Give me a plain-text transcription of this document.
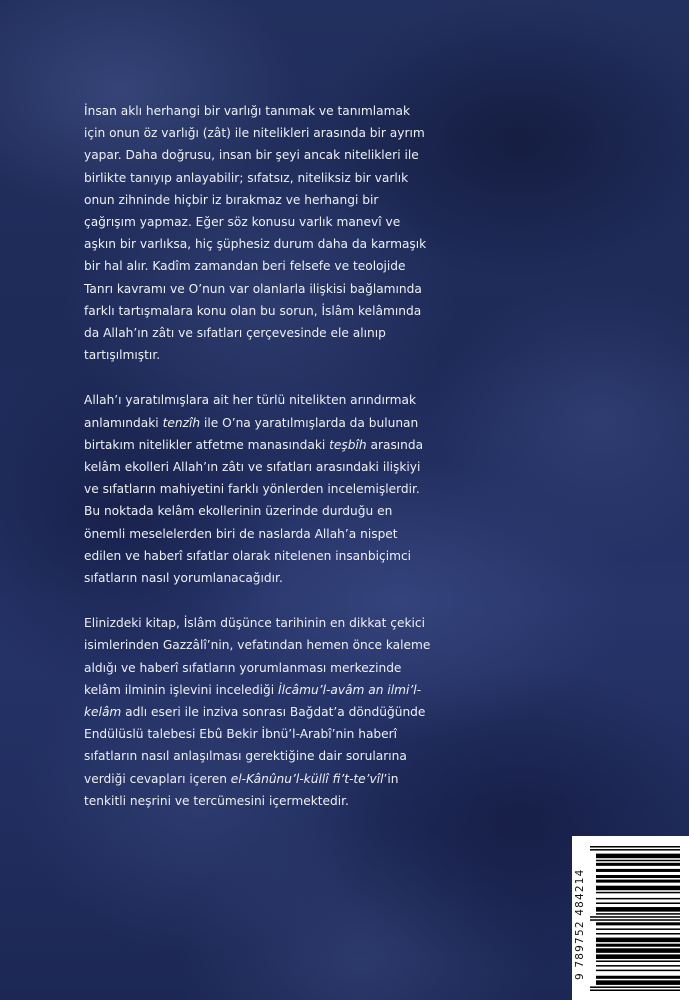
İnsan aklı herhangi bir varlığı tanımak ve tanımlamak için onun öz varlığı (zât) ile nitelikleri arasında bir ayrım yapar. Daha doğrusu, insan bir şeyi ancak nitelikleri ile birlikte tanıyıp anlayabilir; sıfatsız, niteliksiz bir varlık onun zihninde hiçbir iz bırakmaz ve herhangi bir çağrışım yapmaz. Eğer söz konusu varlık manevî ve aşkın bir varlıksa, hiç şüphesiz durum daha da karmaşık bir hal alır. Kadîm zamandan beri felsefe ve teolojide Tanrı kavramı ve O’nun var olanlarla ilişkisi bağlamında farklı tartışmalara konu olan bu sorun, İslâm kelâmında da Allah’ın zâtı ve sıfatları çerçevesinde ele alınıp tartışılmıştır.

Allah’ı yaratılmışlara ait her türlü nitelikten arındırmak anlamındaki tenzîh ile O’na yaratılmışlarda da bulunan birtakım nitelikler atfetme manasındaki teşbîh arasında kelâm ekolleri Allah’ın zâtı ve sıfatları arasındaki ilişkiyi ve sıfatların mahiyetini farklı yönlerden incelemişlerdir. Bu noktada kelâm ekollerinin üzerinde durduğu en önemli meselelerden biri de naslarda Allah’a nispet edilen ve haberî sıfatlar olarak nitelenen insanbiçimci sıfatların nasıl yorumlanacağıdır.

Elinizdeki kitap, İslâm düşünce tarihinin en dikkat çekici isimlerinden Gazzâlî’nin, vefatından hemen önce kaleme aldığı ve haberî sıfatların yorumlanması merkezinde kelâm ilminin işlevini incelediği İlcâmu’l-avâm an ilmi’l-kelâm adlı eseri ile inziva sonrası Bağdat’a döndüğünde Endülüslü talebesi Ebû Bekir İbnü’l-Arabî’nin haberî sıfatların nasıl anlaşılması gerektiğine dair sorularına verdiği cevapları içeren el-Kânûnu’l-küllî fi’t-te’vîl’in tenkitli neşrini ve tercümesini içermektedir.

9 789752 484214
